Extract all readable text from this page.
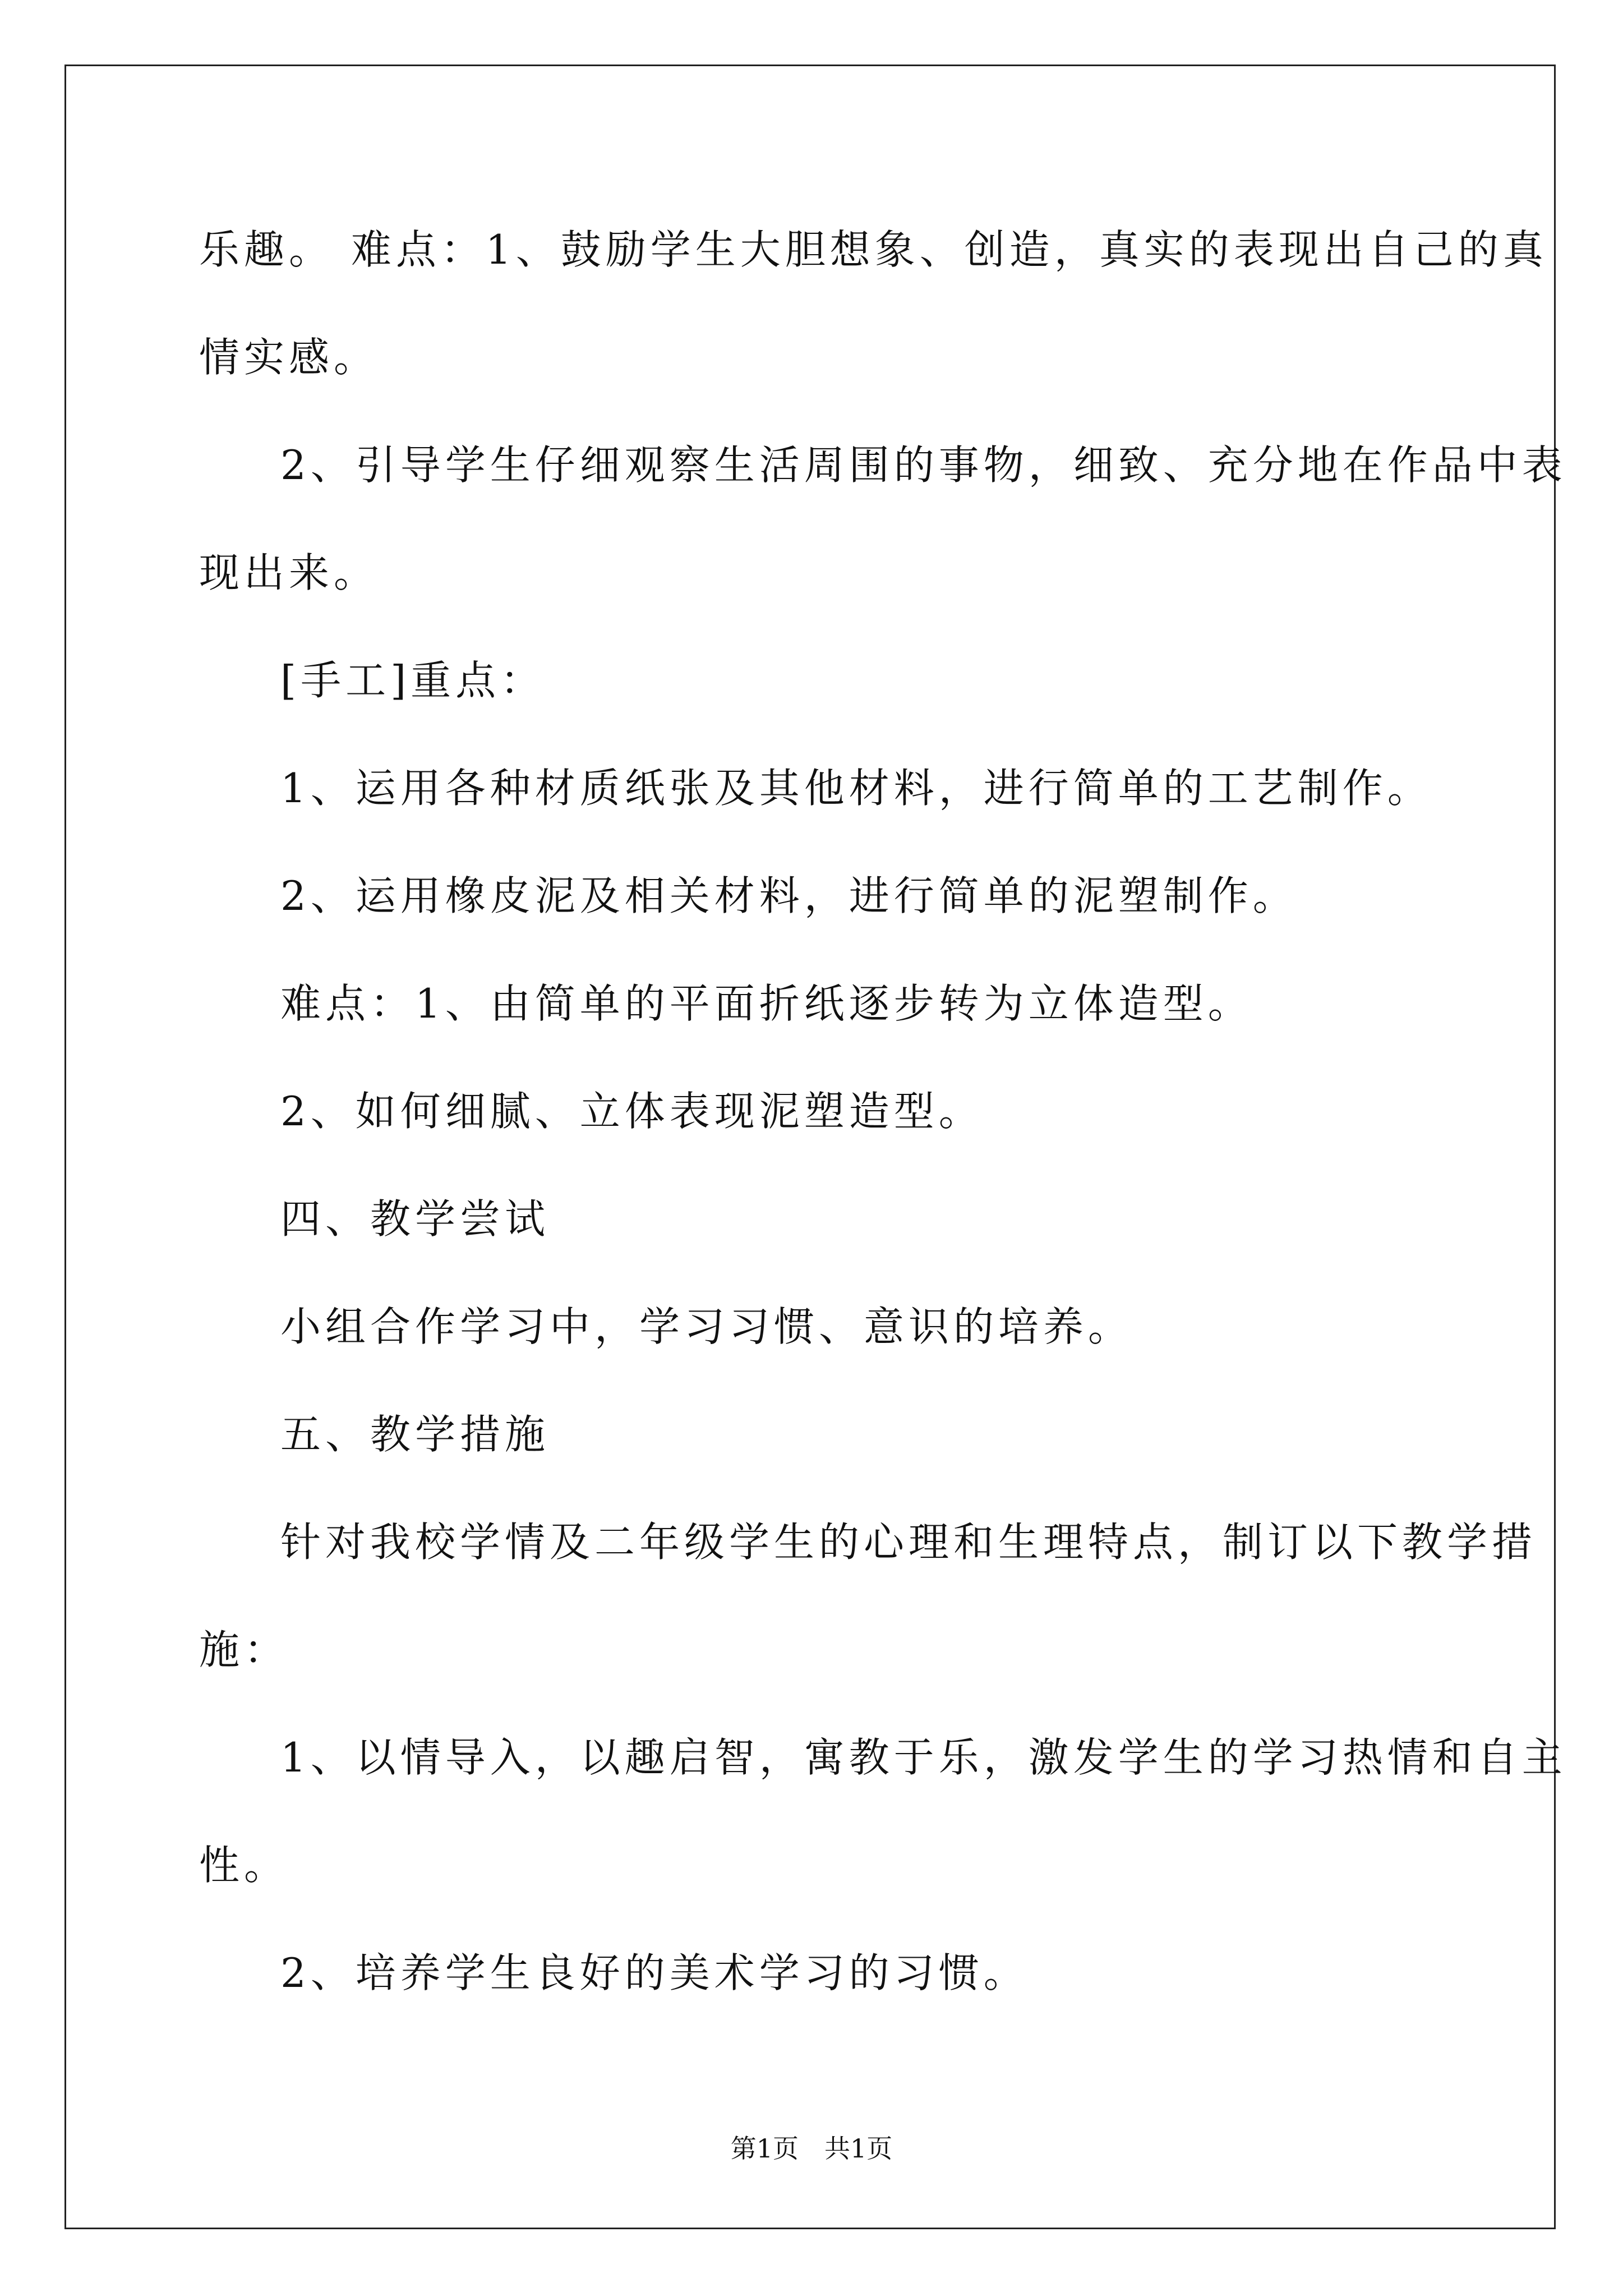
乐趣。 难点：1、鼓励学生大胆想象、创造，真实的表现出自己的真
情实感。
2、引导学生仔细观察生活周围的事物，细致、充分地在作品中表
现出来。
[手工]重点：
1、运用各种材质纸张及其他材料，进行简单的工艺制作。
2、运用橡皮泥及相关材料，进行简单的泥塑制作。
难点：1、由简单的平面折纸逐步转为立体造型。
2、如何细腻、立体表现泥塑造型。
四、教学尝试
小组合作学习中，学习习惯、意识的培养。
五、教学措施
针对我校学情及二年级学生的心理和生理特点，制订以下教学措
施：
1、以情导入，以趣启智，寓教于乐，激发学生的学习热情和自主
性。
2、培养学生良好的美术学习的习惯。
第1页　共1页
